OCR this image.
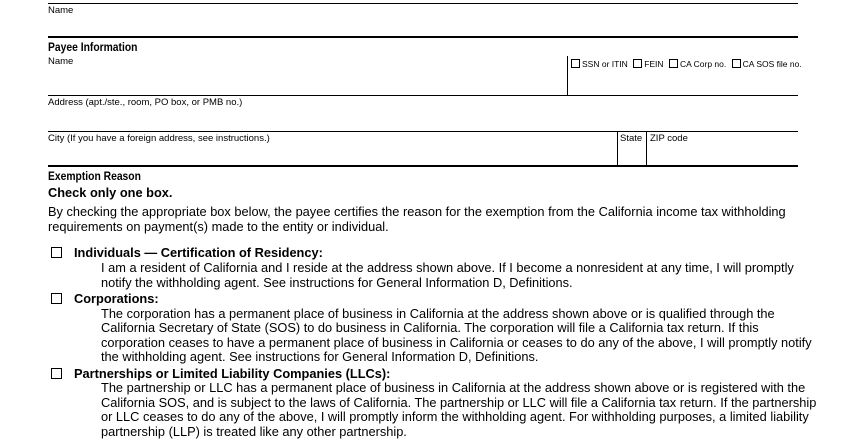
Name
Payee Information
Name	SSN or ITIN FEIN CA Corp no. CA SOS file no.
Address (apt./ste., room, PO box, or PMB no.)
City (If you have a foreign address, see instructions.)	State ZIP code
Exemption Reason
Check only one box.
By checking the appropriate box below, the payee certifies the reason for the exemption from the California income tax withholding
requirements on payment(s) made to the entity or individual.
Individuals — Certification of Residency:
I am a resident of California and I reside at the address shown above. If I become a nonresident at any time, I will promptly
notify the withholding agent. See instructions for General Information D, Definitions.
Corporations:
The corporation has a permanent place of business in California at the address shown above or is qualified through the
California Secretary of State (SOS) to do business in California. The corporation will file a California tax return. If this
corporation ceases to have a permanent place of business in California or ceases to do any of the above, I will promptly notify
the withholding agent. See instructions for General Information D, Definitions.
Partnerships or Limited Liability Companies (LLCs):
The partnership or LLC has a permanent place of business in California at the address shown above or is registered with the
California SOS, and is subject to the laws of California. The partnership or LLC will file a California tax return. If the partnership
or LLC ceases to do any of the above, I will promptly inform the withholding agent. For withholding purposes, a limited liability
partnership (LLP) is treated like any other partnership.
